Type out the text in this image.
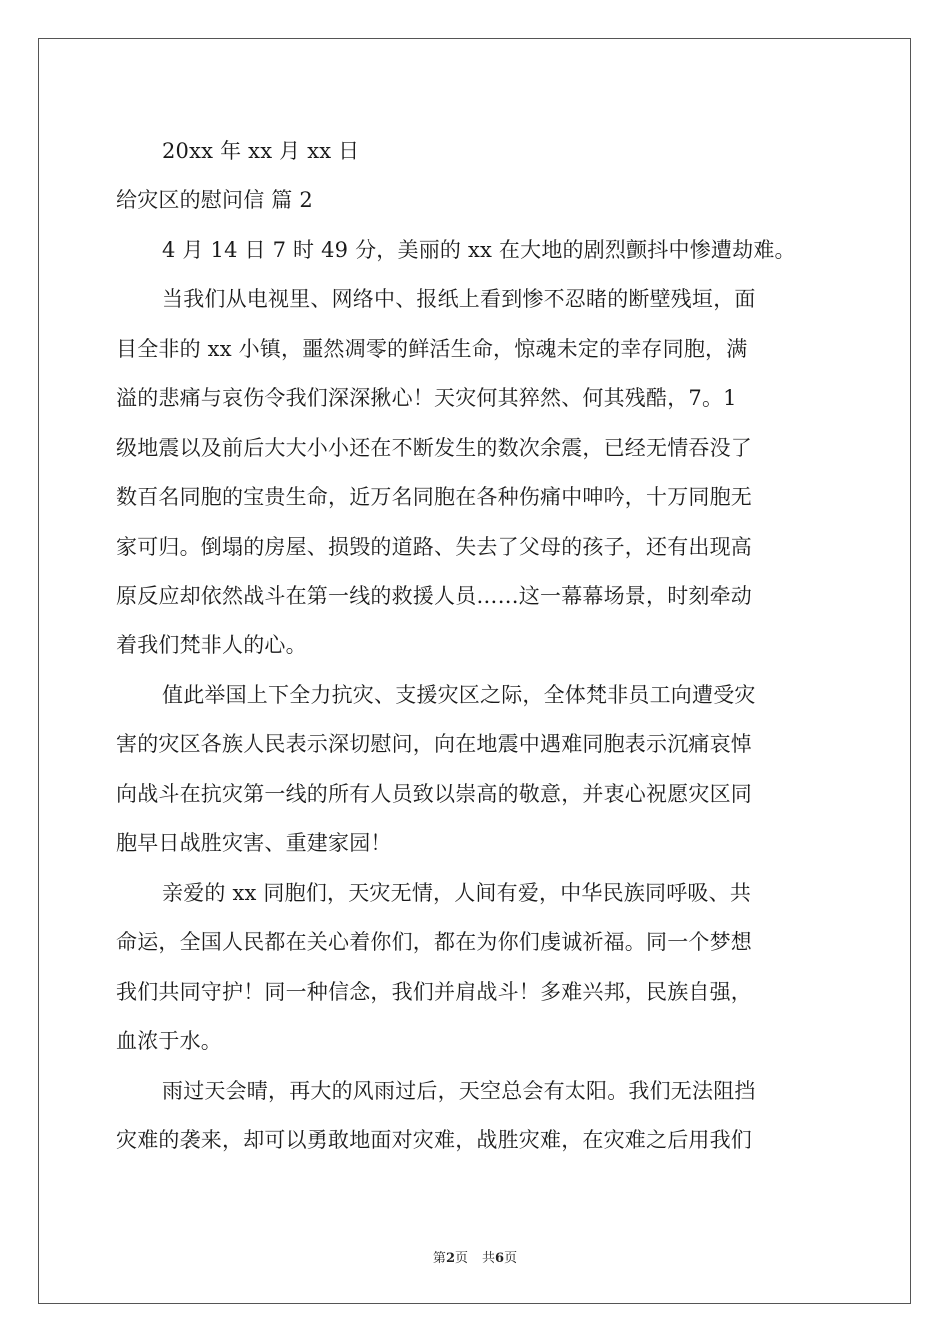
20xx 年 xx 月 xx 日
给灾区的慰问信 篇 2
4 月 14 日 7 时 49 分，美丽的 xx 在大地的剧烈颤抖中惨遭劫难。
当我们从电视里、网络中、报纸上看到惨不忍睹的断壁残垣，面
目全非的 xx 小镇，噩然凋零的鲜活生命，惊魂未定的幸存同胞，满
溢的悲痛与哀伤令我们深深揪心！天灾何其猝然、何其残酷，7。1
级地震以及前后大大小小还在不断发生的数次余震，已经无情吞没了
数百名同胞的宝贵生命，近万名同胞在各种伤痛中呻吟，十万同胞无
家可归。倒塌的房屋、损毁的道路、失去了父母的孩子，还有出现高
原反应却依然战斗在第一线的救援人员……这一幕幕场景，时刻牵动
着我们梵非人的心。
值此举国上下全力抗灾、支援灾区之际，全体梵非员工向遭受灾
害的灾区各族人民表示深切慰问，向在地震中遇难同胞表示沉痛哀悼
向战斗在抗灾第一线的所有人员致以崇高的敬意，并衷心祝愿灾区同
胞早日战胜灾害、重建家园！
亲爱的 xx 同胞们，天灾无情，人间有爱，中华民族同呼吸、共
命运，全国人民都在关心着你们，都在为你们虔诚祈福。同一个梦想
我们共同守护！同一种信念，我们并肩战斗！多难兴邦，民族自强，
血浓于水。
雨过天会晴，再大的风雨过后，天空总会有太阳。我们无法阻挡
灾难的袭来，却可以勇敢地面对灾难，战胜灾难，在灾难之后用我们
第2页 共6页
